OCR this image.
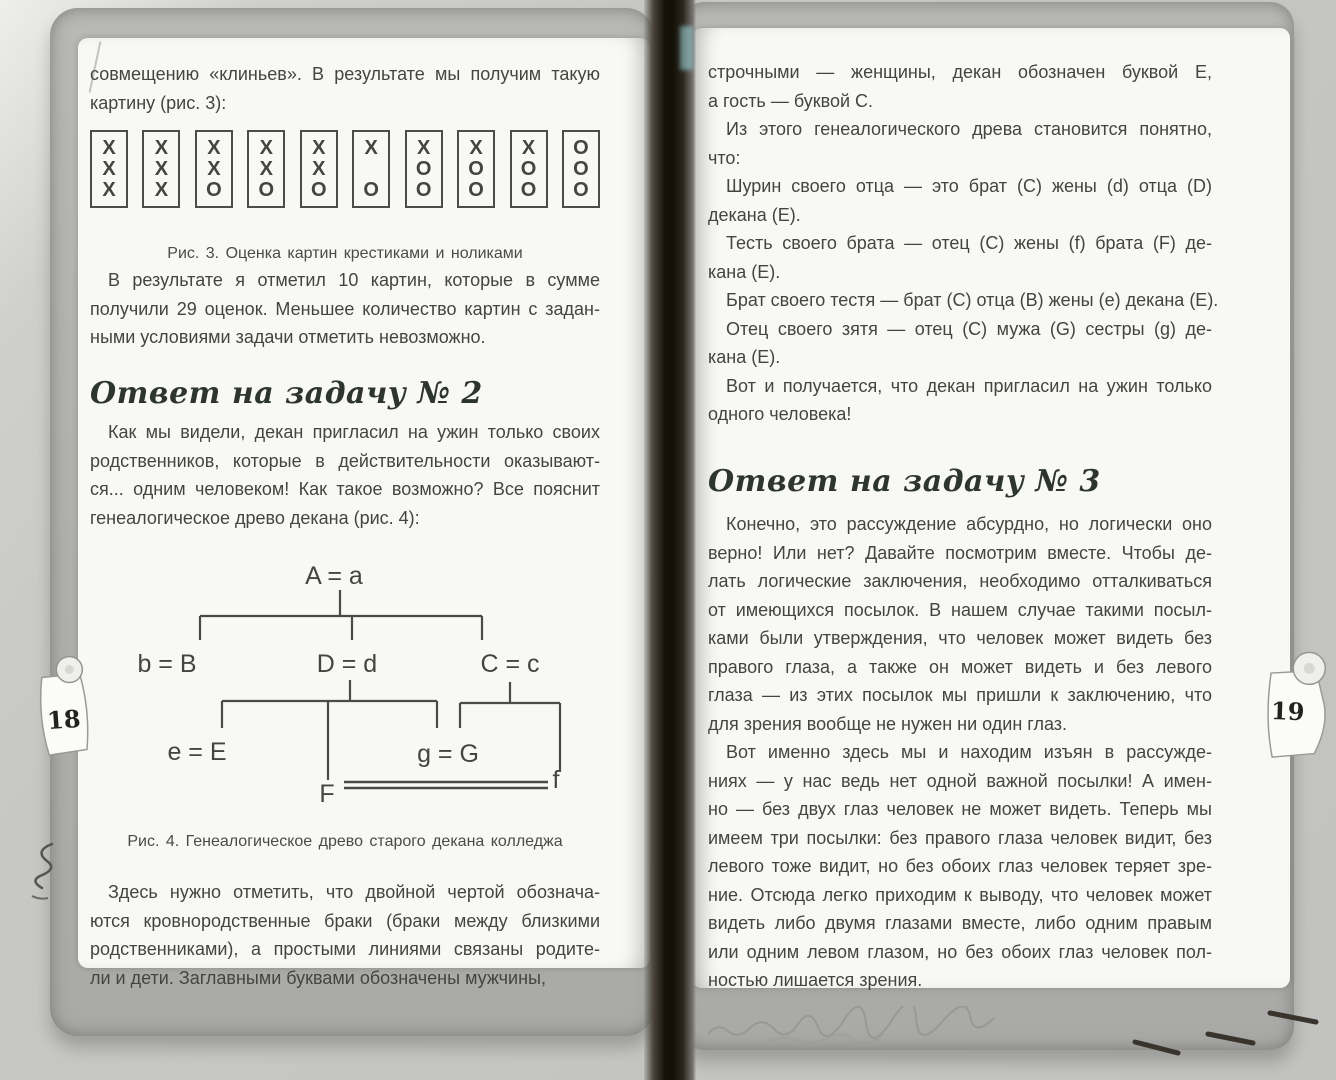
совмещению «клиньев». В результате мы получим такую
картину (рис. 3):
X
X
X
X
X
X
X
X
O
X
X
O
X
X
O
X
O
X
O
O
X
O
O
X
O
O
O
O
O
Рис. 3. Оценка картин крестиками и ноликами
В результате я отметил 10 картин, которые в сумме
получили 29 оценок. Меньшее количество картин с задан-
ными условиями задачи отметить невозможно.
Ответ на задачу № 2
Как мы видели, декан пригласил на ужин только своих
родственников, которые в действительности оказывают-
ся... одним человеком! Как такое возможно? Все пояснит
генеалогическое древо декана (рис. 4):
A = a
b = B	D = d	C = c
e = E	g = G
F	f
Рис. 4. Генеалогическое древо старого декана колледжа
Здесь нужно отметить, что двойной чертой обознача-
ются кровнородственные браки (браки между близкими
родственниками), а простыми линиями связаны родите-
ли и дети. Заглавными буквами обозначены мужчины,
строчными — женщины, декан обозначен буквой E,
а гость — буквой C.
Из этого генеалогического древа становится понятно,
что:
Шурин своего отца — это брат (C) жены (d) отца (D)
декана (E).
Тесть своего брата — отец (C) жены (f) брата (F) де-
кана (E).
Брат своего тестя — брат (C) отца (B) жены (e) декана (E).
Отец своего зятя — отец (C) мужа (G) сестры (g) де-
кана (E).
Вот и получается, что декан пригласил на ужин только
одного человека!
Ответ на задачу № 3
Конечно, это рассуждение абсурдно, но логически оно
верно! Или нет? Давайте посмотрим вместе. Чтобы де-
лать логические заключения, необходимо отталкиваться
от имеющихся посылок. В нашем случае такими посыл-
ками были утверждения, что человек может видеть без
правого глаза, а также он может видеть и без левого
глаза — из этих посылок мы пришли к заключению, что
для зрения вообще не нужен ни один глаз.
Вот именно здесь мы и находим изъян в рассужде-
ниях — у нас ведь нет одной важной посылки! А имен-
но — без двух глаз человек не может видеть. Теперь мы
имеем три посылки: без правого глаза человек видит, без
левого тоже видит, но без обоих глаз человек теряет зре-
ние. Отсюда легко приходим к выводу, что человек может
видеть либо двумя глазами вместе, либо одним правым
или одним левом глазом, но без обоих глаз человек пол-
ностью лишается зрения.
18	19
